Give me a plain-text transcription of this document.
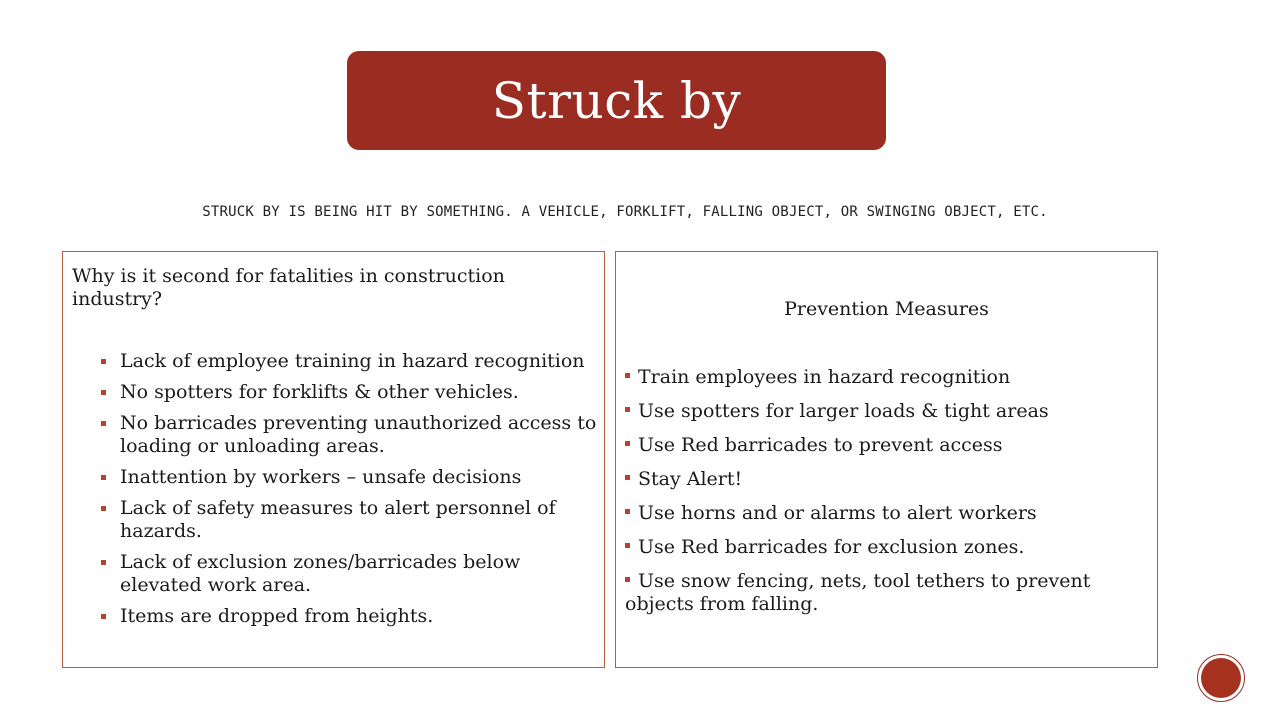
Struck by
STRUCK BY IS BEING HIT BY SOMETHING. A VEHICLE, FORKLIFT, FALLING OBJECT, OR SWINGING OBJECT, ETC.
Why is it second for fatalities in construction industry?
Lack of employee training in hazard recognition
No spotters for forklifts & other vehicles.
No barricades preventing unauthorized access to loading or unloading areas.
Inattention by workers – unsafe decisions
Lack of safety measures to alert personnel of hazards.
Lack of exclusion zones/barricades below elevated work area.
Items are dropped from heights.
Prevention Measures
Train employees in hazard recognition
Use spotters for larger loads & tight areas
Use Red barricades to prevent access
Stay Alert!
Use horns and or alarms to alert workers
Use Red barricades for exclusion zones.
Use snow fencing, nets, tool tethers to prevent objects from falling.
